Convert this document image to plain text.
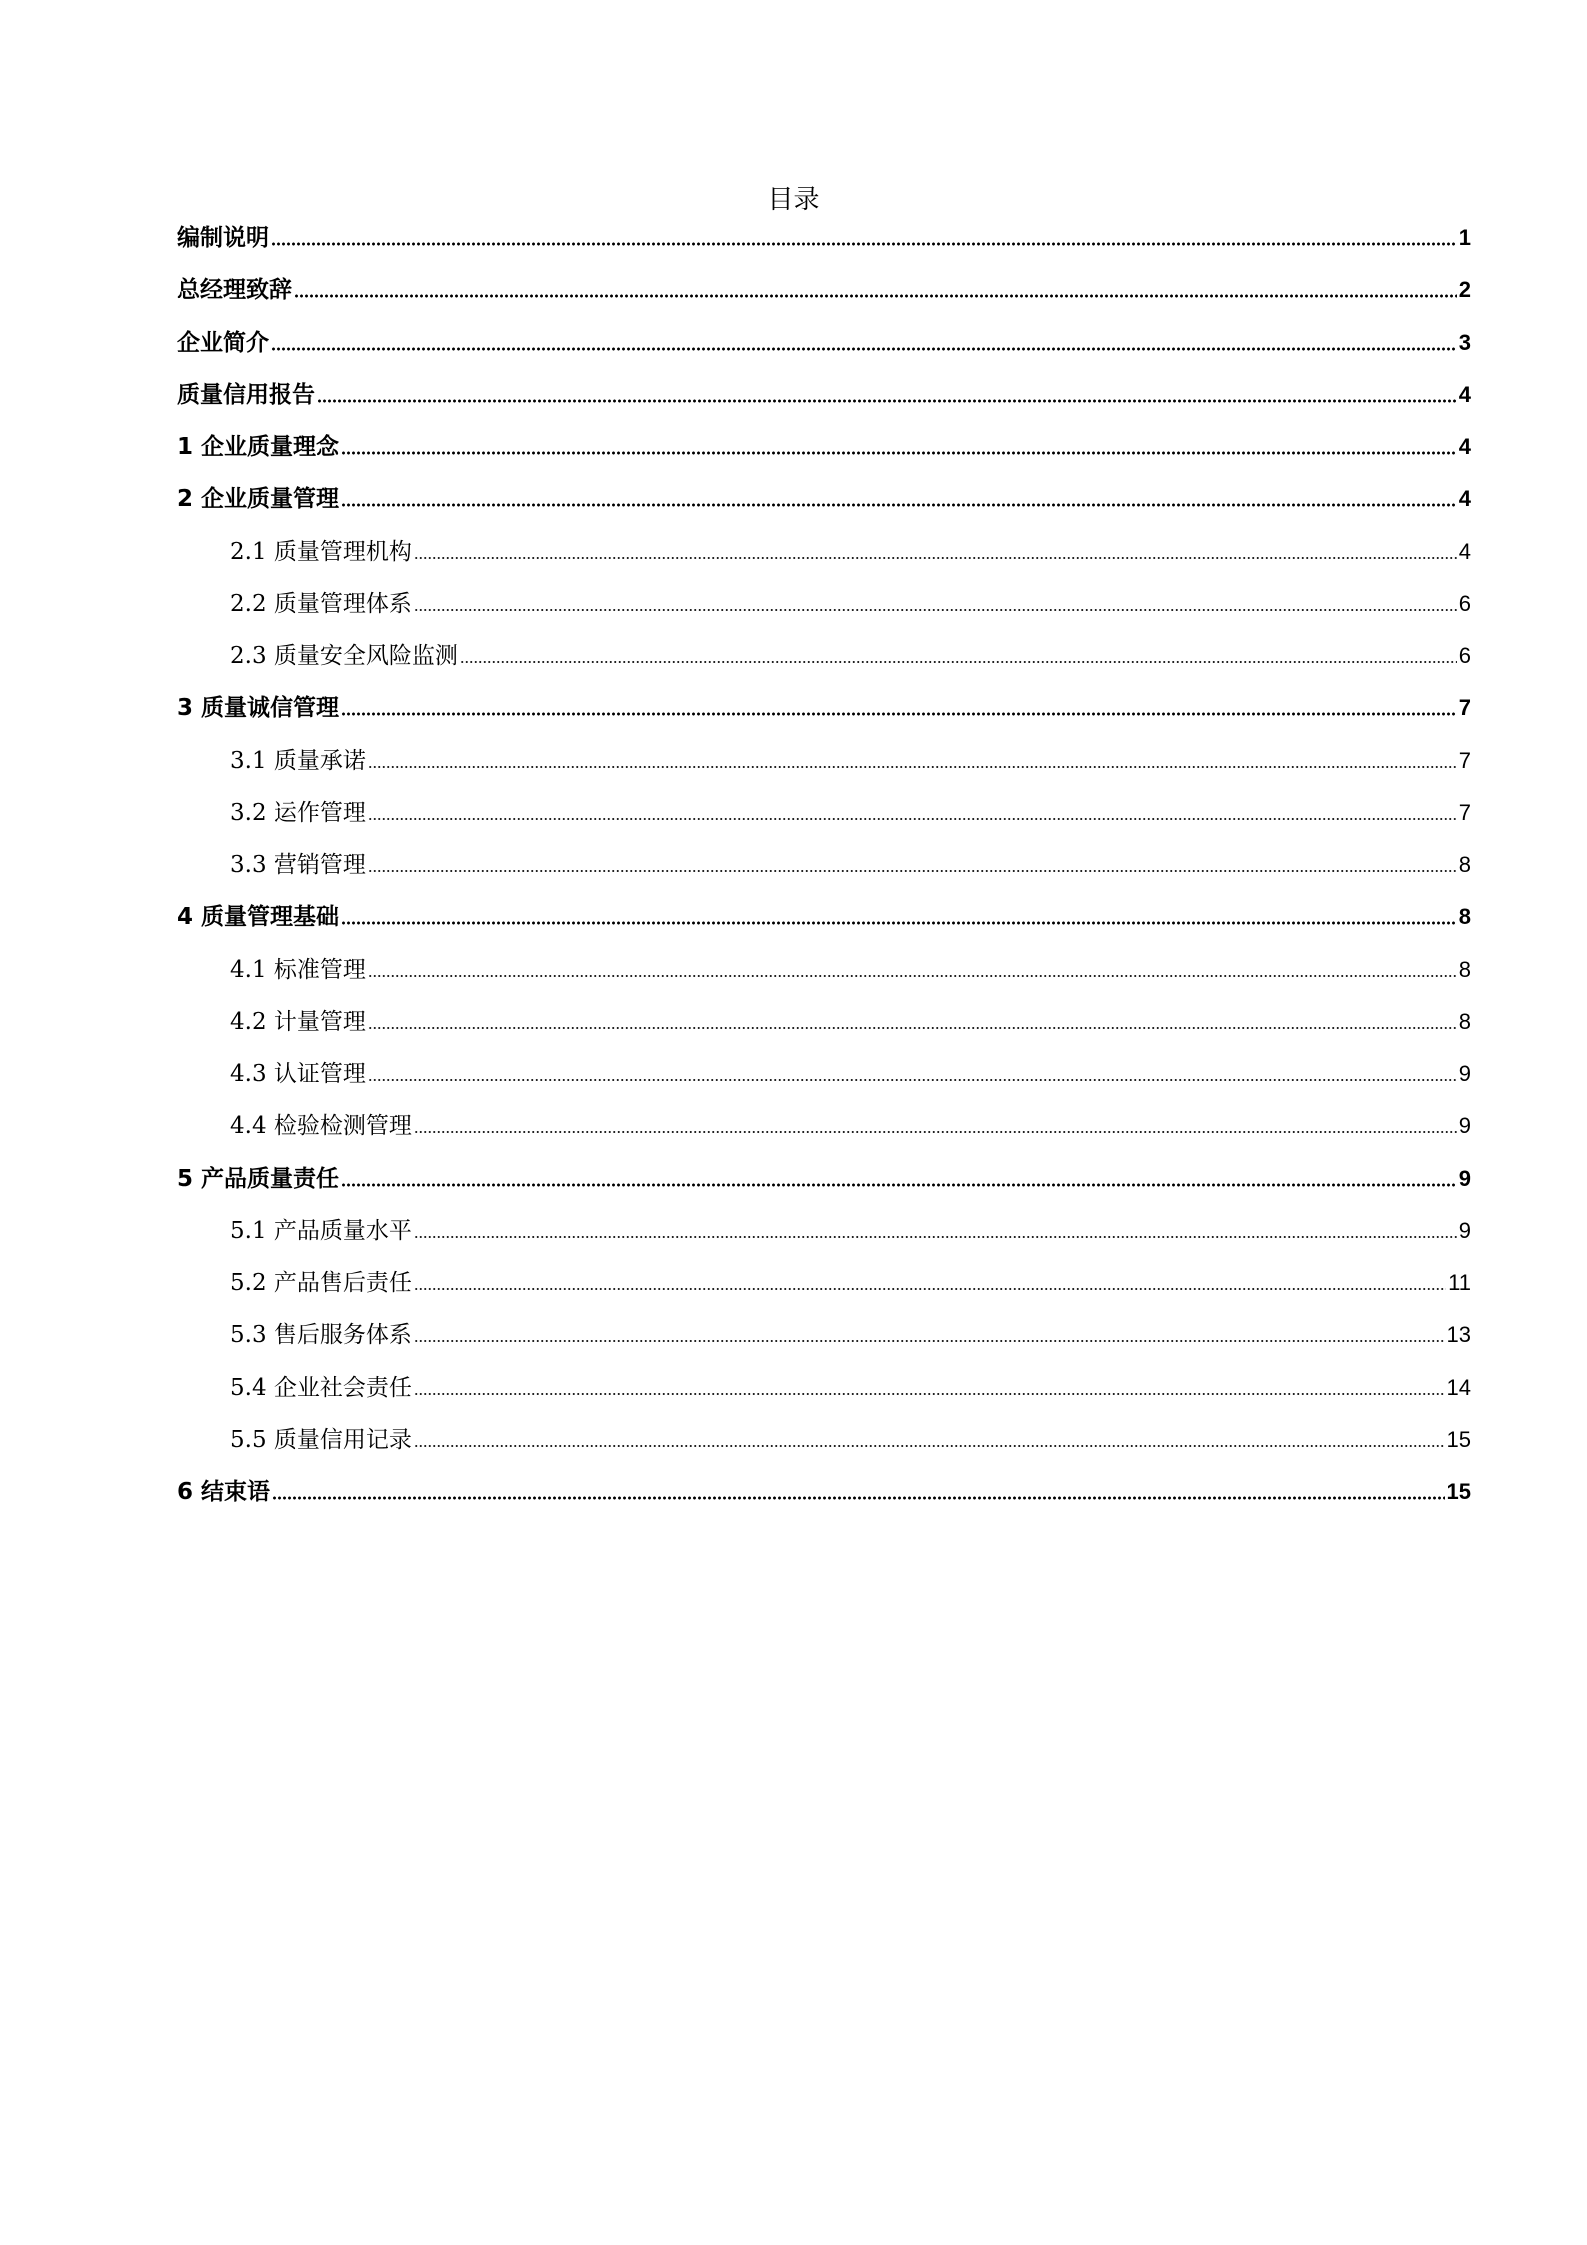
目录
编制说明	1
总经理致辞	2
企业简介	3
质量信用报告	4
1 企业质量理念	4
2 企业质量管理	4
2.1 质量管理机构	4
2.2 质量管理体系	6
2.3 质量安全风险监测	6
3 质量诚信管理	7
3.1 质量承诺	7
3.2 运作管理	7
3.3 营销管理	8
4 质量管理基础	8
4.1 标准管理	8
4.2 计量管理	8
4.3 认证管理	9
4.4 检验检测管理	9
5 产品质量责任	9
5.1 产品质量水平	9
5.2 产品售后责任	11
5.3 售后服务体系	13
5.4 企业社会责任	14
5.5 质量信用记录	15
6 结束语	15
